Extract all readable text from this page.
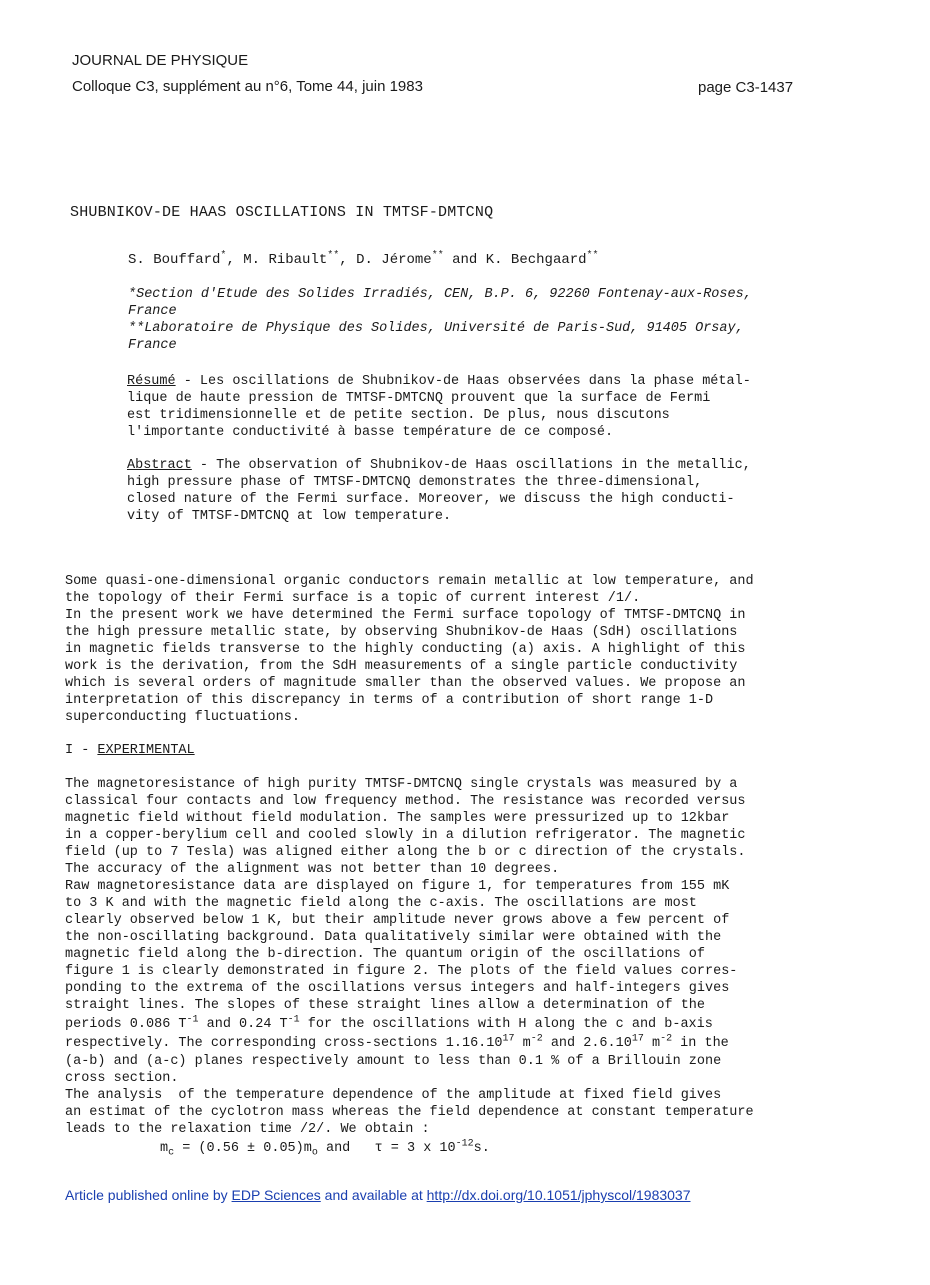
JOURNAL DE PHYSIQUE
Colloque C3, supplément au n°6, Tome 44, juin 1983	page C3-1437
SHUBNIKOV-DE HAAS OSCILLATIONS IN TMTSF-DMTCNQ
S. Bouffard*, M. Ribault**, D. Jérome** and K. Bechgaard**
*Section d'Etude des Solides Irradiés, CEN, B.P. 6, 92260 Fontenay-aux-Roses,
France
**Laboratoire de Physique des Solides, Université de Paris-Sud, 91405 Orsay,
France
Résumé - Les oscillations de Shubnikov-de Haas observées dans la phase métal-
lique de haute pression de TMTSF-DMTCNQ prouvent que la surface de Fermi
est tridimensionnelle et de petite section. De plus, nous discutons
l'importante conductivité à basse température de ce composé.
Abstract - The observation of Shubnikov-de Haas oscillations in the metallic,
high pressure phase of TMTSF-DMTCNQ demonstrates the three-dimensional,
closed nature of the Fermi surface. Moreover, we discuss the high conducti-
vity of TMTSF-DMTCNQ at low temperature.
Some quasi-one-dimensional organic conductors remain metallic at low temperature, and
the topology of their Fermi surface is a topic of current interest /1/.
In the present work we have determined the Fermi surface topology of TMTSF-DMTCNQ in
the high pressure metallic state, by observing Shubnikov-de Haas (SdH) oscillations
in magnetic fields transverse to the highly conducting (a) axis. A highlight of this
work is the derivation, from the SdH measurements of a single particle conductivity
which is several orders of magnitude smaller than the observed values. We propose an
interpretation of this discrepancy in terms of a contribution of short range 1-D
superconducting fluctuations.
I - EXPERIMENTAL
The magnetoresistance of high purity TMTSF-DMTCNQ single crystals was measured by a
classical four contacts and low frequency method. The resistance was recorded versus
magnetic field without field modulation. The samples were pressurized up to 12kbar
in a copper-berylium cell and cooled slowly in a dilution refrigerator. The magnetic
field (up to 7 Tesla) was aligned either along the b or c direction of the crystals.
The accuracy of the alignment was not better than 10 degrees.
Raw magnetoresistance data are displayed on figure 1, for temperatures from 155 mK
to 3 K and with the magnetic field along the c-axis. The oscillations are most
clearly observed below 1 K, but their amplitude never grows above a few percent of
the non-oscillating background. Data qualitatively similar were obtained with the
magnetic field along the b-direction. The quantum origin of the oscillations of
figure 1 is clearly demonstrated in figure 2. The plots of the field values corres-
ponding to the extrema of the oscillations versus integers and half-integers gives
straight lines. The slopes of these straight lines allow a determination of the
periods 0.086 $T^{-1}$ and 0.24 $T^{-1}$ for the oscillations with H along the c and b-axis
respectively. The corresponding cross-sections 1.16.10$^{17}$ $m^{-2}$ and 2.6.10$^{17}$ $m^{-2}$ in the
(a-b) and (a-c) planes respectively amount to less than 0.1 % of a Brillouin zone
cross section.
The analysis  of the temperature dependence of the amplitude at fixed field gives
an estimat of the cyclotron mass whereas the field dependence at constant temperature
leads to the relaxation time /2/. We obtain :
$m_c = (0.56 \pm 0.05)m_o$ and   τ = 3 x $10^{-12}s$.
Article published online by EDP Sciences and available at http://dx.doi.org/10.1051/jphyscol/1983037
